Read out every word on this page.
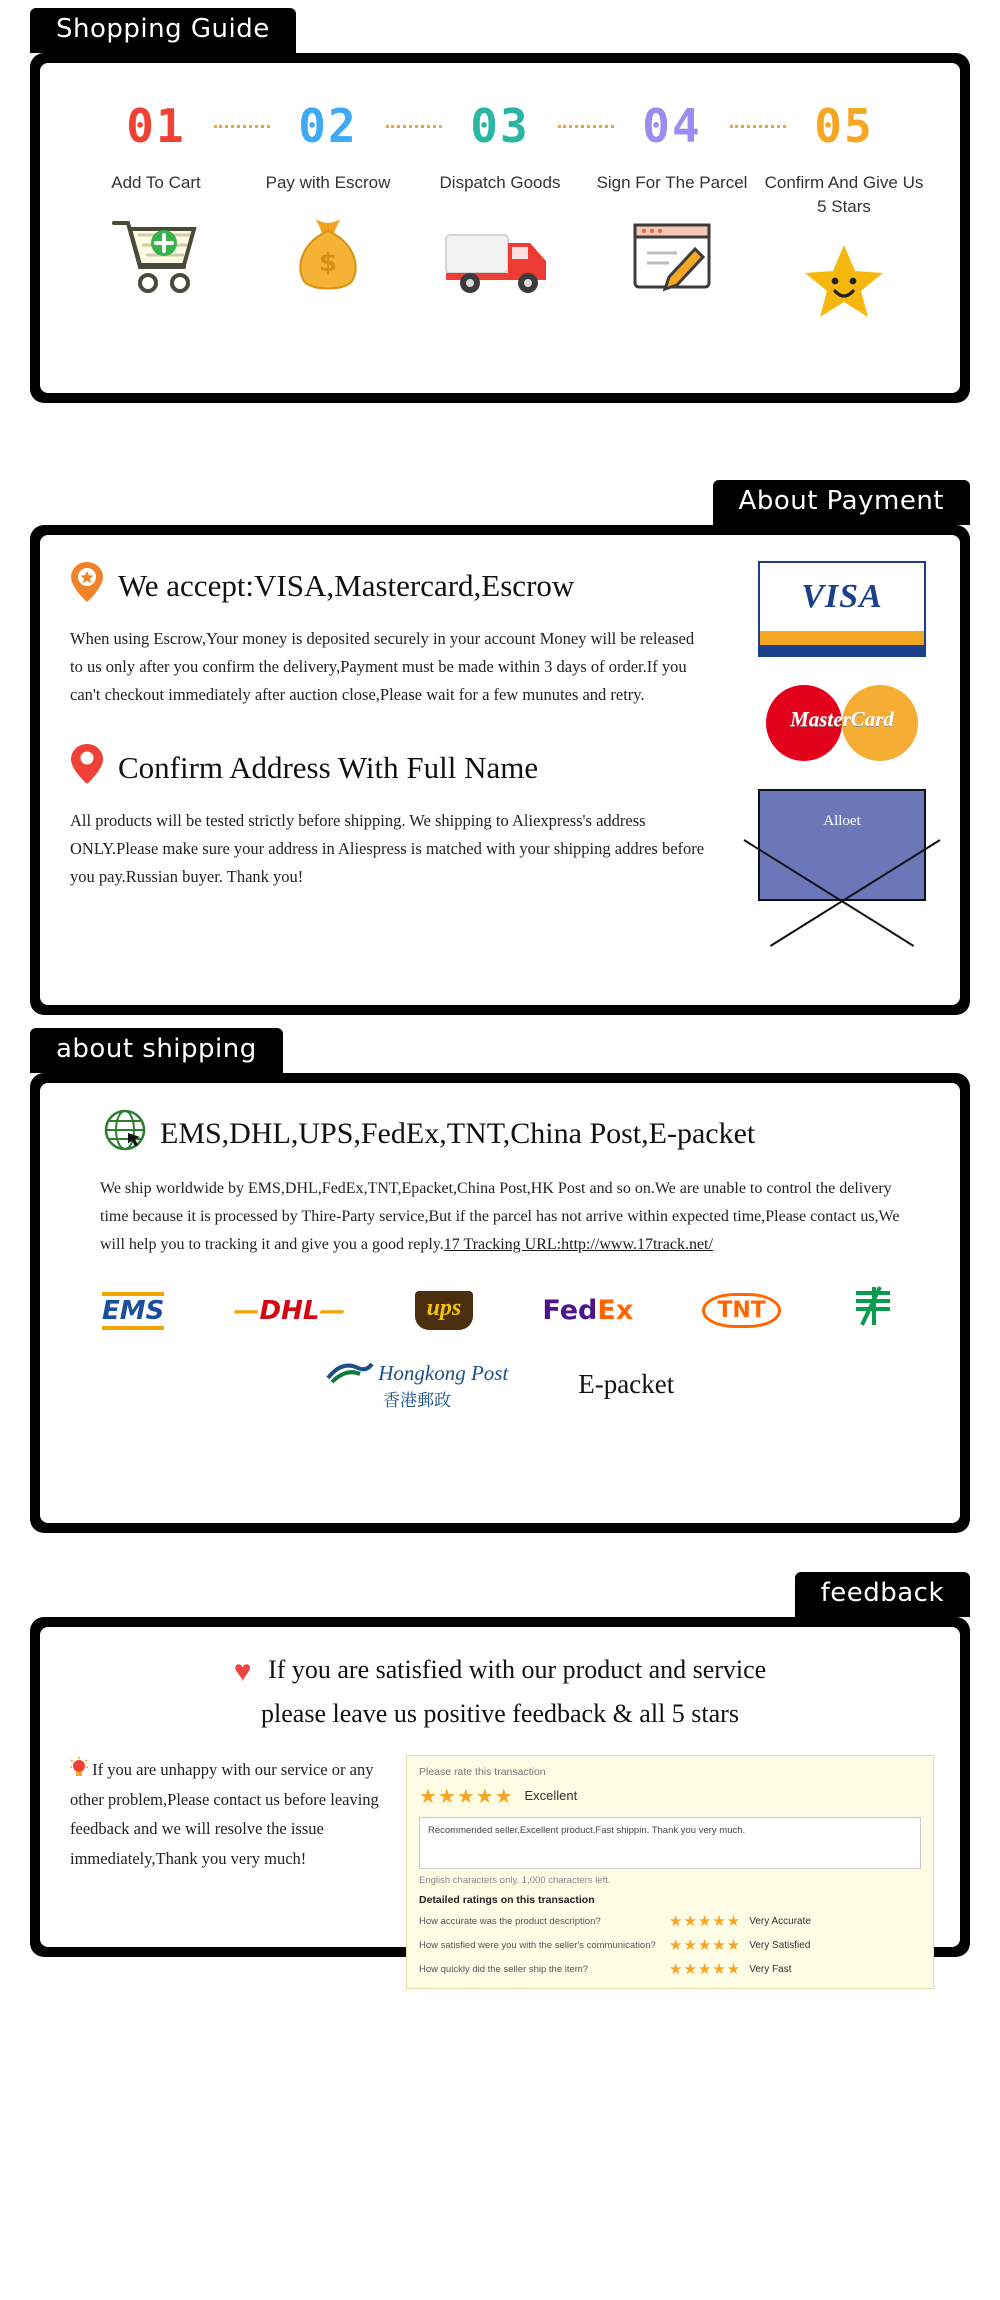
Shopping Guide
01
Add To Cart
02
Pay with Escrow
$
03
Dispatch Goods
04
Sign For The Parcel
05
Confirm And Give Us 5 Stars
About Payment
We accept:VISA,Mastercard,Escrow
When using Escrow,Your money is deposited securely in your account Money will be released to us only after you confirm the delivery,Payment must be made within 3 days of order.If you can't checkout immediately after auction close,Please wait for a few munutes and retry.
Confirm Address With Full Name
All products will be tested strictly before shipping. We shipping to Aliexpress's address ONLY.Please make sure your address in Aliespress is matched with your shipping addres before you pay.Russian buyer. Thank you!
VISA
MasterCard
Alloet
about shipping
EMS,DHL,UPS,FedEx,TNT,China Post,E-packet
We ship worldwide by EMS,DHL,FedEx,TNT,Epacket,China Post,HK Post and so on.We are unable to control the delivery time because it is processed by Thire-Party service,But if the parcel has not arrive within expected time,Please contact us,We will help you to tracking it and give you a good reply.17 Tracking URL:http://www.17track.net/
EMS	—DHL—	ups	FedEx	TNT
Hongkong Post
香港郵政
E-packet
feedback
♥ If you are satisfied with our product and service
please leave us positive feedback & all 5 stars
If you are unhappy with our service or any other problem,Please contact us before leaving feedback and we will resolve the issue immediately,Thank you very much!
Please rate this transaction
★★★★★ Excellent
Recommended seller.Excellent product.Fast shippin. Thank you very much.
English characters only. 1,000 characters left.
Detailed ratings on this transaction
How accurate was the product description?	★★★★★ Very Accurate
How satisfied were you with the seller's communication? ★★★★★ Very Satisfied
How quickly did the seller ship the item?	★★★★★ Very Fast
